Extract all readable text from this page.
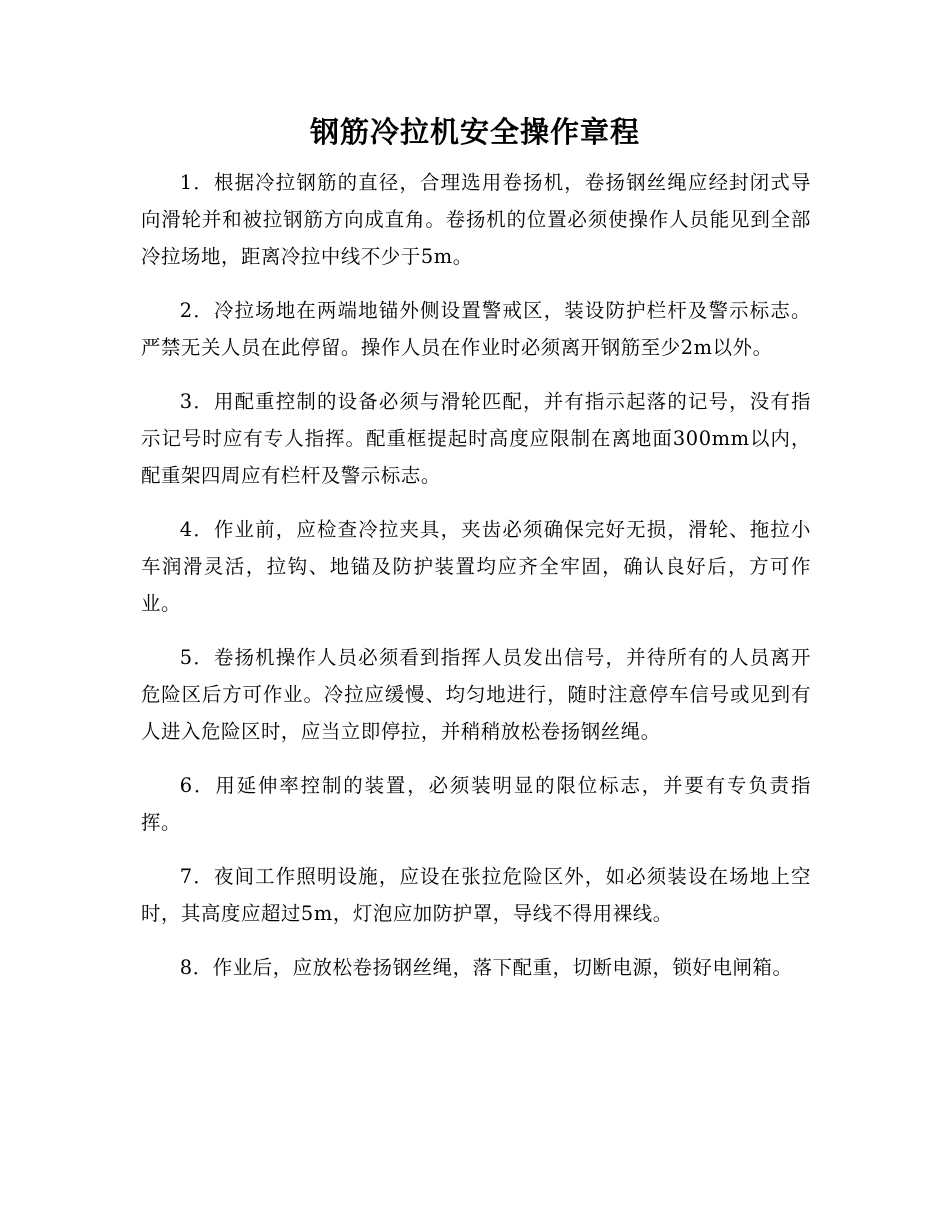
钢筋冷拉机安全操作章程

1．根据冷拉钢筋的直径，合理选用卷扬机，卷扬钢丝绳应经封闭式导向滑轮并和被拉钢筋方向成直角。卷扬机的位置必须使操作人员能见到全部冷拉场地，距离冷拉中线不少于5m。

2．冷拉场地在两端地锚外侧设置警戒区，装设防护栏杆及警示标志。严禁无关人员在此停留。操作人员在作业时必须离开钢筋至少2m以外。

3．用配重控制的设备必须与滑轮匹配，并有指示起落的记号，没有指示记号时应有专人指挥。配重框提起时高度应限制在离地面300mm以内，配重架四周应有栏杆及警示标志。

4．作业前，应检查冷拉夹具，夹齿必须确保完好无损，滑轮、拖拉小车润滑灵活，拉钩、地锚及防护装置均应齐全牢固，确认良好后，方可作业。

5．卷扬机操作人员必须看到指挥人员发出信号，并待所有的人员离开危险区后方可作业。冷拉应缓慢、均匀地进行，随时注意停车信号或见到有人进入危险区时，应当立即停拉，并稍稍放松卷扬钢丝绳。

6．用延伸率控制的装置，必须装明显的限位标志，并要有专负责指挥。

7．夜间工作照明设施，应设在张拉危险区外，如必须装设在场地上空时，其高度应超过5m，灯泡应加防护罩，导线不得用裸线。

8．作业后，应放松卷扬钢丝绳，落下配重，切断电源，锁好电闸箱。
